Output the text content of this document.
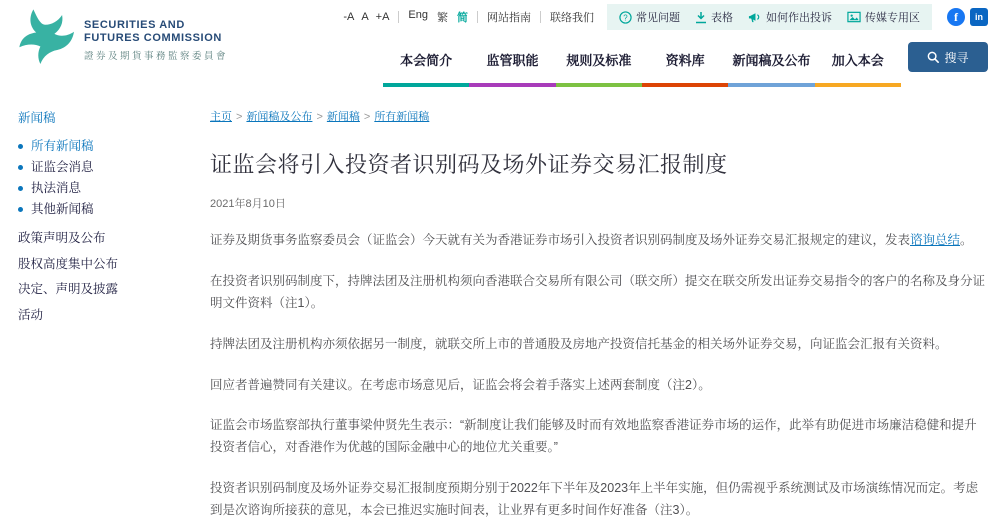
SECURITIES AND
FUTURES COMMISSION
證券及期貨事務監察委員會
-A A +A Eng 繁 简 网站指南 联络我们	? 常见问题	表格	如何作出投诉	传媒专用区	f	in
本会简介	监管职能	规则及标准	资料库	新闻稿及公布	加入本会	搜寻
新闻稿
所有新闻稿
证监会消息
执法消息
其他新闻稿
政策声明及公布
股权高度集中公布
决定、声明及披露
活动
主页 > 新闻稿及公布 > 新闻稿 > 所有新闻稿
证监会将引入投资者识别码及场外证券交易汇报制度
2021年8月10日

证券及期货事务监察委员会（证监会）今天就有关为香港证券市场引入投资者识别码制度及场外证券交易汇报规定的建议，发表谘询总结。

在投资者识别码制度下，持牌法团及注册机构须向香港联合交易所有限公司（联交所）提交在联交所发出证券交易指令的客户的名称及身分证明文件资料（注1）。

持牌法团及注册机构亦须依据另一制度，就联交所上市的普通股及房地产投资信托基金的相关场外证券交易，向证监会汇报有关资料。

回应者普遍赞同有关建议。在考虑市场意见后，证监会将会着手落实上述两套制度（注2）。

证监会市场监察部执行董事梁仲贤先生表示：“新制度让我们能够及时而有效地监察香港证券市场的运作，此举有助促进市场廉洁稳健和提升投资者信心，对香港作为优越的国际金融中心的地位尤关重要。”

投资者识别码制度及场外证券交易汇报制度预期分别于2022年下半年及2023年上半年实施，但仍需视乎系统测试及市场演练情况而定。考虑到是次谘询所接获的意见，本会已推迟实施时间表，让业界有更多时间作好准备（注3）。
